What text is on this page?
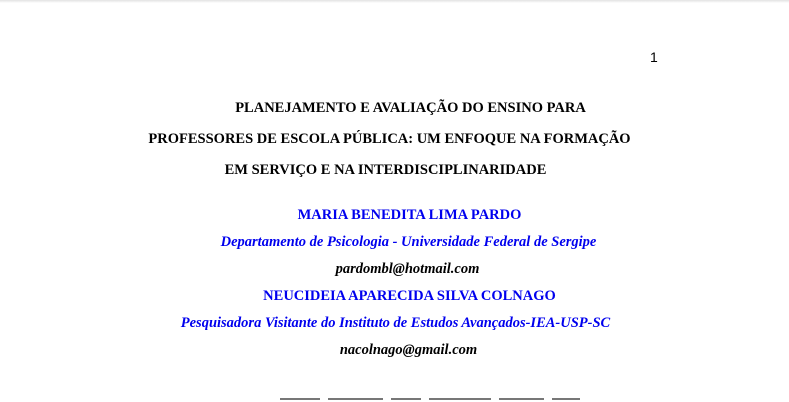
1
PLANEJAMENTO E AVALIAÇÃO DO ENSINO PARA
PROFESSORES DE ESCOLA PÚBLICA: UM ENFOQUE NA FORMAÇÃO
EM SERVIÇO E NA INTERDISCIPLINARIDADE
MARIA BENEDITA LIMA PARDO
Departamento de Psicologia - Universidade Federal de Sergipe
pardombl@hotmail.com
NEUCIDEIA APARECIDA SILVA COLNAGO
Pesquisadora Visitante do Instituto de Estudos Avançados-IEA-USP-SC
nacolnago@gmail.com
